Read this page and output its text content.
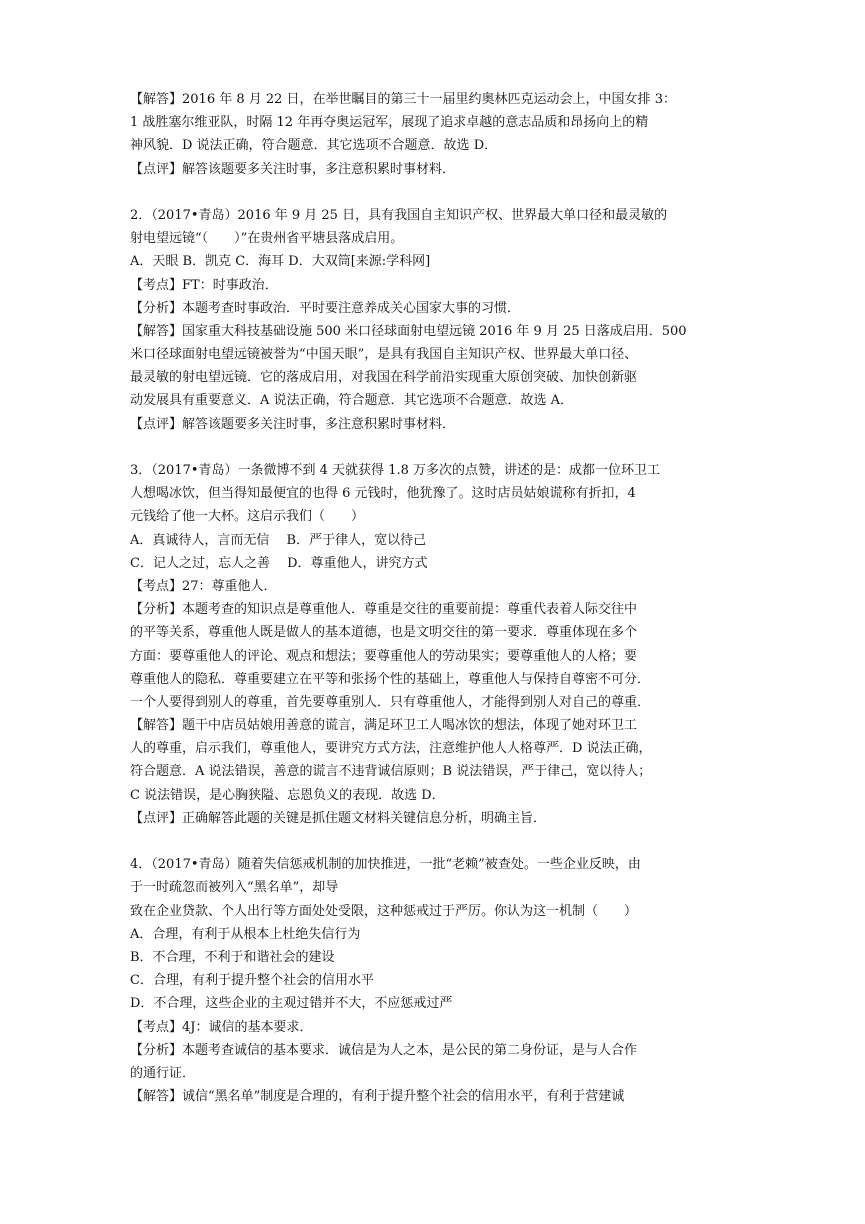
【解答】2016 年 8 月 22 日，在举世瞩目的第三十一届里约奥林匹克运动会上，中国女排 3：
1 战胜塞尔维亚队，时隔 12 年再夺奥运冠军，展现了追求卓越的意志品质和昂扬向上的精
神风貌．D 说法正确，符合题意．其它选项不合题意．故选 D．
【点评】解答该题要多关注时事，多注意积累时事材料．
2．（2017•青岛）2016 年 9 月 25 日，具有我国自主知识产权、世界最大单口径和最灵敏的
射电望远镜“（　　）”在贵州省平塘县落成启用。
A．天眼 B．凯克 C．海耳 D．大双筒[来源:学科网]
【考点】FT：时事政治．
【分析】本题考查时事政治．平时要注意养成关心国家大事的习惯．
【解答】国家重大科技基础设施 500 米口径球面射电望远镜 2016 年 9 月 25 日落成启用．500
米口径球面射电望远镜被誉为“中国天眼”，是具有我国自主知识产权、世界最大单口径、
最灵敏的射电望远镜．它的落成启用，对我国在科学前沿实现重大原创突破、加快创新驱
动发展具有重要意义．A 说法正确，符合题意．其它选项不合题意．故选 A．
【点评】解答该题要多关注时事，多注意积累时事材料．
3．（2017•青岛）一条微博不到 4 天就获得 1.8 万多次的点赞，讲述的是：成都一位环卫工
人想喝冰饮，但当得知最便宜的也得 6 元钱时，他犹豫了。这时店员姑娘谎称有折扣，4
元钱给了他一大杯。这启示我们（　　）
A．真诚待人，言而无信　 B．严于律人，宽以待己
C．记人之过，忘人之善　 D．尊重他人，讲究方式
【考点】27：尊重他人．
【分析】本题考查的知识点是尊重他人．尊重是交往的重要前提：尊重代表着人际交往中
的平等关系，尊重他人既是做人的基本道德，也是文明交往的第一要求．尊重体现在多个
方面：要尊重他人的评论、观点和想法；要尊重他人的劳动果实；要尊重他人的人格；要
尊重他人的隐私．尊重要建立在平等和张扬个性的基础上，尊重他人与保持自尊密不可分．
一个人要得到别人的尊重，首先要尊重别人．只有尊重他人，才能得到别人对自己的尊重．
【解答】题干中店员姑娘用善意的谎言，满足环卫工人喝冰饮的想法，体现了她对环卫工
人的尊重，启示我们，尊重他人，要讲究方式方法，注意维护他人人格尊严．D 说法正确，
符合题意．A 说法错误，善意的谎言不违背诚信原则；B 说法错误，严于律己，宽以待人；
C 说法错误，是心胸狭隘、忘恩负义的表现．故选 D．
【点评】正确解答此题的关键是抓住题文材料关键信息分析，明确主旨．
4．（2017•青岛）随着失信惩戒机制的加快推进，一批“老赖”被查处。一些企业反映，由
于一时疏忽而被列入“黑名单”，却导
致在企业贷款、个人出行等方面处处受限，这种惩戒过于严厉。你认为这一机制（　　）
A．合理，有利于从根本上杜绝失信行为
B．不合理，不利于和谐社会的建设
C．合理，有利于提升整个社会的信用水平
D．不合理，这些企业的主观过错并不大，不应惩戒过严
【考点】4J：诚信的基本要求．
【分析】本题考查诚信的基本要求．诚信是为人之本，是公民的第二身份证，是与人合作
的通行证．
【解答】诚信“黑名单”制度是合理的，有利于提升整个社会的信用水平，有利于营建诚
